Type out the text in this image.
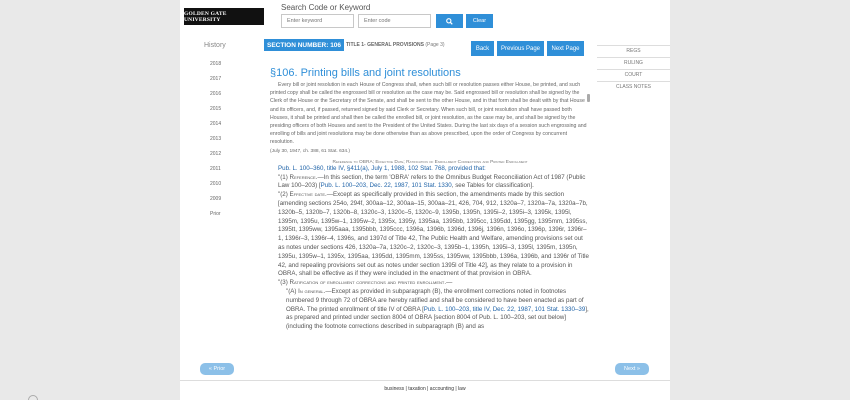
GOLDEN GATE UNIVERSITY
Search Code or Keyword
Enter keyword
Enter code
Clear
History
2018
2017
2016
2015
2014
2013
2012
2011
2010
2009
Prior
REGS
RULING
COURT
CLASS NOTES
SECTION NUMBER: 106 TITLE 1- GENERAL PROVISIONS (Page 3)
Back	Previous Page	Next Page
§106. Printing bills and joint resolutions
Every bill or joint resolution in each House of Congress shall, when such bill or resolution passes either House, be printed, and such printed copy shall be called the engrossed bill or resolution as the case may be. Said engrossed bill or resolution shall be signed by the Clerk of the House or the Secretary of the Senate, and shall be sent to the other House, and in that form shall be dealt with by that House and its officers, and, if passed, returned signed by said Clerk or Secretary. When such bill, or joint resolution shall have passed both Houses, it shall be printed and shall then be called the enrolled bill, or joint resolution, as the case may be, and shall be signed by the presiding officers of both Houses and sent to the President of the United States. During the last six days of a session such engrossing and enrolling of bills and joint resolutions may be done otherwise than as above prescribed, upon the order of Congress by concurrent resolution.
(July 30, 1947, ch. 388, 61 Stat. 634.)
Reference to OBRA; Effective Date; Ratification of Enrollment Corrections and Printed Enrollment
Pub. L. 100–360, title IV, §411(a), July 1, 1988, 102 Stat. 768, provided that:
"(1) Reference.—In this section, the term 'OBRA' refers to the Omnibus Budget Reconciliation Act of 1987 (Public Law 100–203) [Pub. L. 100–203, Dec. 22, 1987, 101 Stat. 1330, see Tables for classification].
"(2) Effective date.—Except as specifically provided in this section, the amendments made by this section [amending sections 254o, 294f, 300aa–12, 300aa–15, 300aa–21, 426, 704, 912, 1320a–7, 1320a–7a, 1320a–7b, 1320b–5, 1320b–7, 1320b–8, 1320c–3, 1320c–5, 1320c–9, 1395b, 1395h, 1395i–2, 1395i–3, 1395k, 1395l, 1395m, 1395u, 1395w–1, 1395w–2, 1395x, 1395y, 1395aa, 1395bb, 1395cc, 1395dd, 1395gg, 1395mm, 1395ss, 1395tt, 1395ww, 1395aaa, 1395bbb, 1395ccc, 1396a, 1396b, 1396d, 1396j, 1396n, 1396o, 1396p, 1396r, 1396r–1, 1396r–3, 1396r–4, 1396s, and 1397d of Title 42, The Public Health and Welfare, amending provisions set out as notes under sections 426, 1320a–7a, 1320c–2, 1320c–3, 1395b–1, 1395h, 1395i–3, 1395l, 1395m, 1395n, 1395u, 1395w–1, 1395x, 1395aa, 1395dd, 1395mm, 1395ss, 1395ww, 1395bbb, 1396a, 1396b, and 1396r of Title 42, and repealing provisions set out as notes under section 1395l of Title 42], as they relate to a provision in OBRA, shall be effective as if they were included in the enactment of that provision in OBRA.
"(3) Ratification of enrollment corrections and printed enrollment.—
"(A) In general.—Except as provided in subparagraph (B), the enrollment corrections noted in footnotes numbered 9 through 72 of OBRA are hereby ratified and shall be considered to have been enacted as part of OBRA. The printed enrollment of title IV of OBRA [Pub. L. 100–203, title IV, Dec. 22, 1987, 101 Stat. 1330–39], as prepared and printed under section 8004 of OBRA [section 8004 of Pub. L. 100–203, set out below] (including the footnote corrections described in subparagraph (B) and as
« Prior	Next »
business | taxation | accounting | law
